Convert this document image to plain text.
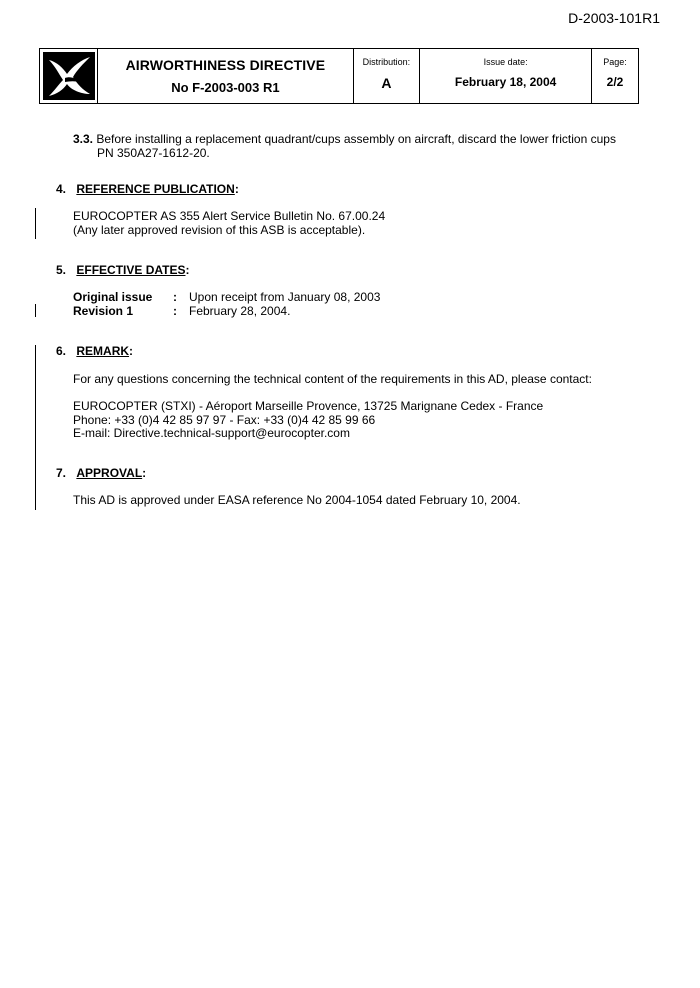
D-2003-101R1
AIRWORTHINESS DIRECTIVE
No F-2003-003 R1
Distribution:
A
Issue date:
February 18, 2004
Page:
2/2
3.3. Before installing a replacement quadrant/cups assembly on aircraft, discard the lower friction cups
PN 350A27-1612-20.
4. REFERENCE PUBLICATION:
EUROCOPTER AS 355 Alert Service Bulletin No. 67.00.24
(Any later approved revision of this ASB is acceptable).
5. EFFECTIVE DATES:
Original issue	:	Upon receipt from January 08, 2003
Revision 1	:	February 28, 2004.
6. REMARK:
For any questions concerning the technical content of the requirements in this AD, please contact:
EUROCOPTER (STXI) - Aéroport Marseille Provence, 13725 Marignane Cedex - France
Phone: +33 (0)4 42 85 97 97 - Fax: +33 (0)4 42 85 99 66
E-mail: Directive.technical-support@eurocopter.com
7. APPROVAL:
This AD is approved under EASA reference No 2004-1054 dated February 10, 2004.
